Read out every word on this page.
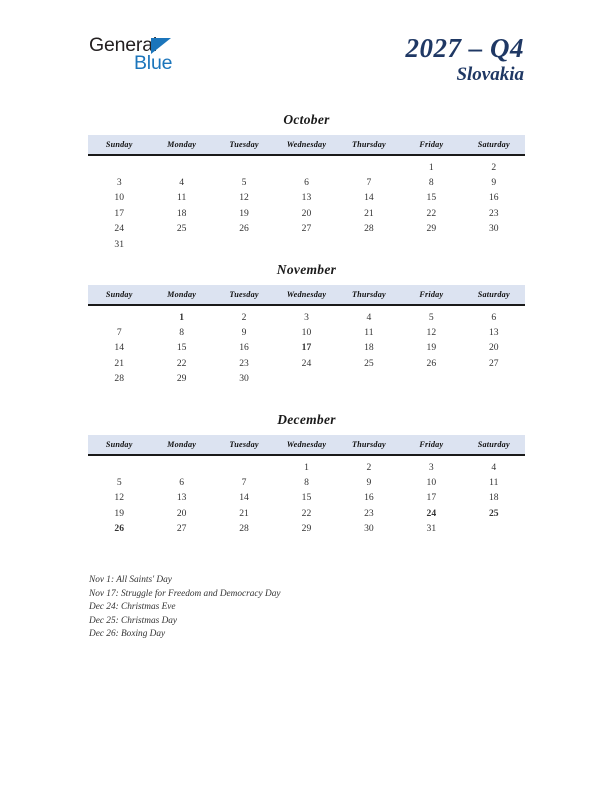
General
Blue	2027 – Q4
Slovakia
October
Sunday	Monday	Tuesday	Wednesday	Thursday	Friday	Saturday
					1	2
3	4	5	6	7	8	9
10	11	12	13	14	15	16
17	18	19	20	21	22	23
24	25	26	27	28	29	30
31						
November
Sunday	Monday	Tuesday	Wednesday	Thursday	Friday	Saturday
	1	2	3	4	5	6
7	8	9	10	11	12	13
14	15	16	17	18	19	20
21	22	23	24	25	26	27
28	29	30				
December
Sunday	Monday	Tuesday	Wednesday	Thursday	Friday	Saturday
			1	2	3	4
5	6	7	8	9	10	11
12	13	14	15	16	17	18
19	20	21	22	23	24	25
26	27	28	29	30	31	
Nov 1: All Saints' Day
Nov 17: Struggle for Freedom and Democracy Day
Dec 24: Christmas Eve
Dec 25: Christmas Day
Dec 26: Boxing Day
